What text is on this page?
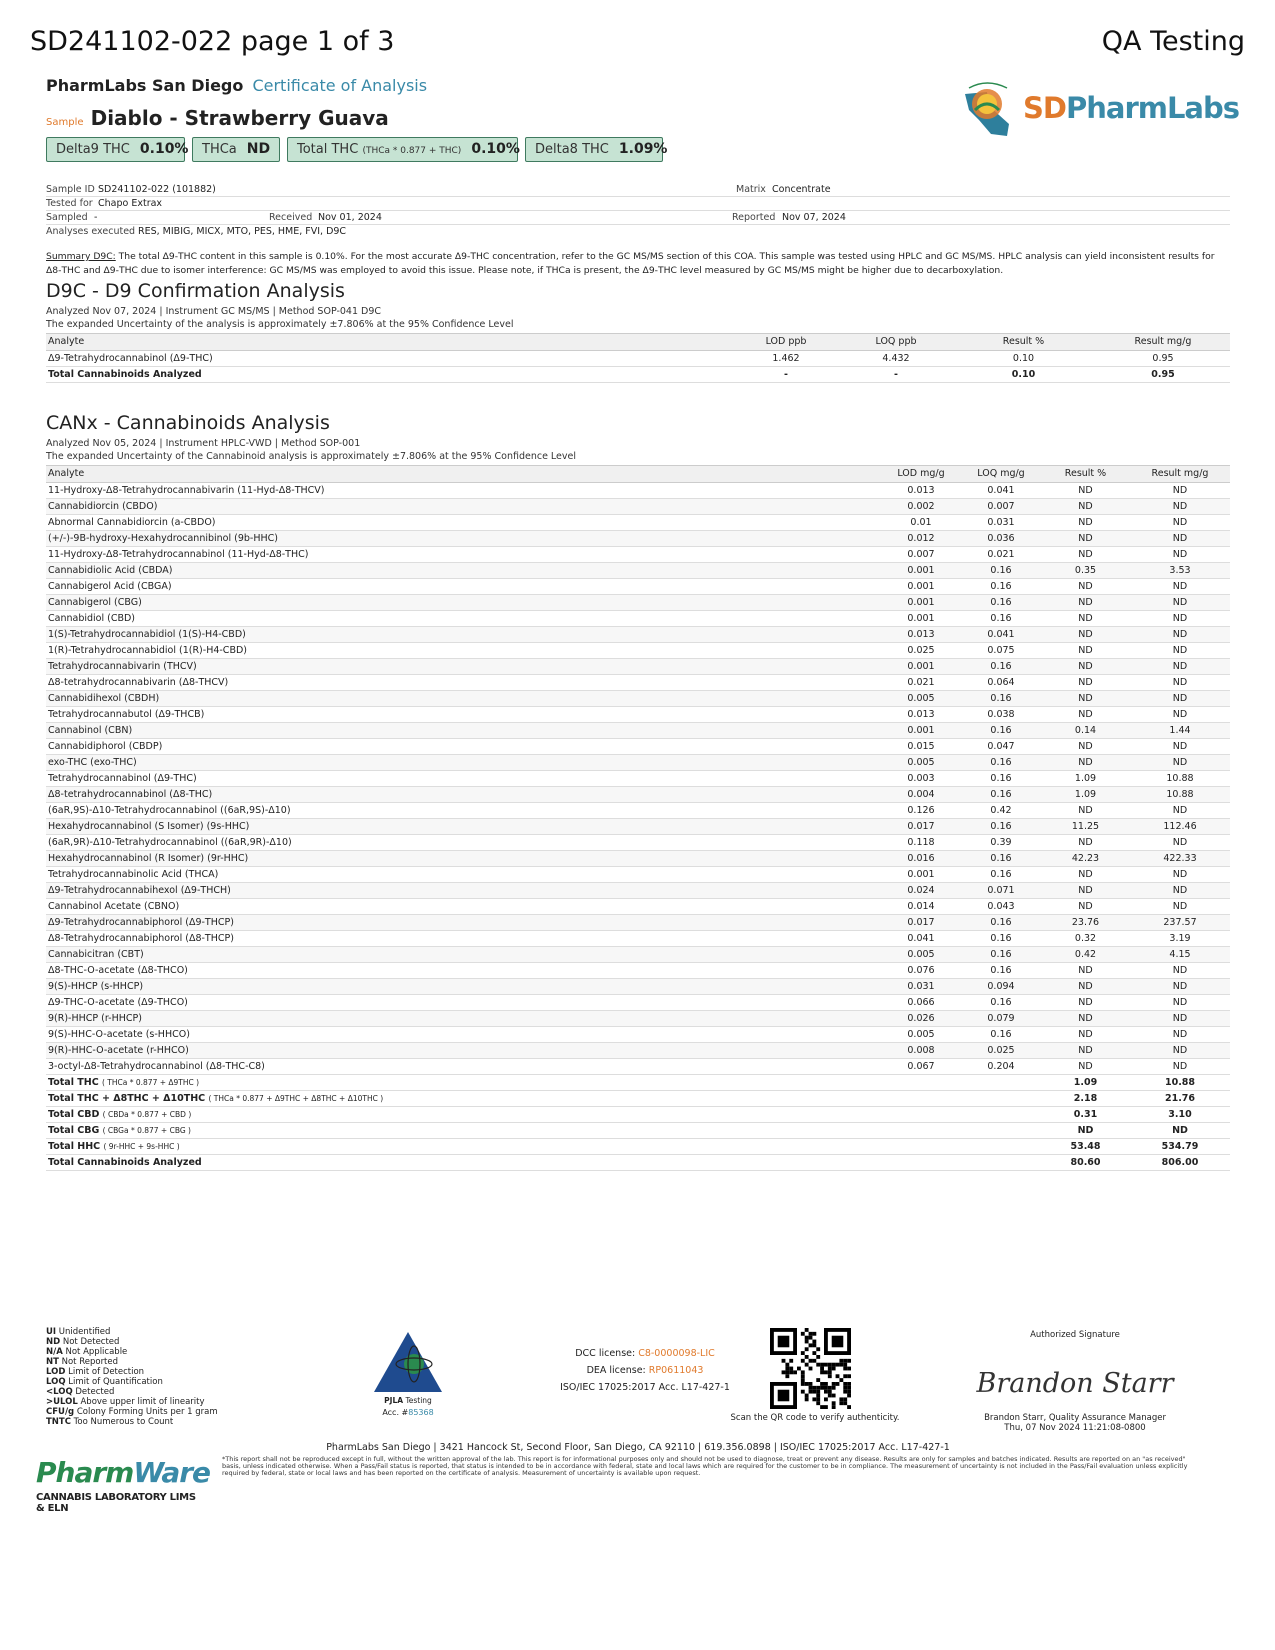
SD241102-022 page 1 of 3	QA Testing
PharmLabs San Diego Certificate of Analysis
Sample Diablo - Strawberry Guava
Delta9 THC 0.10%	THCa ND	Total THC (THCa * 0.877 + THC) 0.10%	Delta8 THC 1.09%
SDPharmLabs
Sample ID SD241102-022 (101882)	Matrix Concentrate
Tested for Chapo Extrax
Sampled -	Received Nov 01, 2024	Reported Nov 07, 2024
Analyses executed RES, MIBIG, MICX, MTO, PES, HME, FVI, D9C
Summary D9C: The total Δ9-THC content in this sample is 0.10%. For the most accurate Δ9-THC concentration, refer to the GC MS/MS section of this COA. This sample was tested using HPLC and GC MS/MS. HPLC analysis can yield inconsistent results for Δ8-THC and Δ9-THC due to isomer interference: GC MS/MS was employed to avoid this issue. Please note, if THCa is present, the Δ9-THC level measured by GC MS/MS might be higher due to decarboxylation.
D9C - D9 Confirmation Analysis
Analyzed Nov 07, 2024 | Instrument GC MS/MS | Method SOP-041 D9C
The expanded Uncertainty of the analysis is approximately ±7.806% at the 95% Confidence Level
Analyte	LOD ppb	LOQ ppb	Result %	Result mg/g
Δ9-Tetrahydrocannabinol (Δ9-THC)	1.462	4.432	0.10	0.95
Total Cannabinoids Analyzed	-	-	0.10	0.95
CANx - Cannabinoids Analysis
Analyzed Nov 05, 2024 | Instrument HPLC-VWD | Method SOP-001
The expanded Uncertainty of the Cannabinoid analysis is approximately ±7.806% at the 95% Confidence Level
Analyte	LOD mg/g	LOQ mg/g	Result %	Result mg/g
11-Hydroxy-Δ8-Tetrahydrocannabivarin (11-Hyd-Δ8-THCV)	0.013	0.041	ND	ND
Cannabidiorcin (CBDO)	0.002	0.007	ND	ND
Abnormal Cannabidiorcin (a-CBDO)	0.01	0.031	ND	ND
(+/-)-9B-hydroxy-Hexahydrocannibinol (9b-HHC)	0.012	0.036	ND	ND
11-Hydroxy-Δ8-Tetrahydrocannabinol (11-Hyd-Δ8-THC)	0.007	0.021	ND	ND
Cannabidiolic Acid (CBDA)	0.001	0.16	0.35	3.53
Cannabigerol Acid (CBGA)	0.001	0.16	ND	ND
Cannabigerol (CBG)	0.001	0.16	ND	ND
Cannabidiol (CBD)	0.001	0.16	ND	ND
1(S)-Tetrahydrocannabidiol (1(S)-H4-CBD)	0.013	0.041	ND	ND
1(R)-Tetrahydrocannabidiol (1(R)-H4-CBD)	0.025	0.075	ND	ND
Tetrahydrocannabivarin (THCV)	0.001	0.16	ND	ND
Δ8-tetrahydrocannabivarin (Δ8-THCV)	0.021	0.064	ND	ND
Cannabidihexol (CBDH)	0.005	0.16	ND	ND
Tetrahydrocannabutol (Δ9-THCB)	0.013	0.038	ND	ND
Cannabinol (CBN)	0.001	0.16	0.14	1.44
Cannabidiphorol (CBDP)	0.015	0.047	ND	ND
exo-THC (exo-THC)	0.005	0.16	ND	ND
Tetrahydrocannabinol (Δ9-THC)	0.003	0.16	1.09	10.88
Δ8-tetrahydrocannabinol (Δ8-THC)	0.004	0.16	1.09	10.88
(6aR,9S)-Δ10-Tetrahydrocannabinol ((6aR,9S)-Δ10)	0.126	0.42	ND	ND
Hexahydrocannabinol (S Isomer) (9s-HHC)	0.017	0.16	11.25	112.46
(6aR,9R)-Δ10-Tetrahydrocannabinol ((6aR,9R)-Δ10)	0.118	0.39	ND	ND
Hexahydrocannabinol (R Isomer) (9r-HHC)	0.016	0.16	42.23	422.33
Tetrahydrocannabinolic Acid (THCA)	0.001	0.16	ND	ND
Δ9-Tetrahydrocannabihexol (Δ9-THCH)	0.024	0.071	ND	ND
Cannabinol Acetate (CBNO)	0.014	0.043	ND	ND
Δ9-Tetrahydrocannabiphorol (Δ9-THCP)	0.017	0.16	23.76	237.57
Δ8-Tetrahydrocannabiphorol (Δ8-THCP)	0.041	0.16	0.32	3.19
Cannabicitran (CBT)	0.005	0.16	0.42	4.15
Δ8-THC-O-acetate (Δ8-THCO)	0.076	0.16	ND	ND
9(S)-HHCP (s-HHCP)	0.031	0.094	ND	ND
Δ9-THC-O-acetate (Δ9-THCO)	0.066	0.16	ND	ND
9(R)-HHCP (r-HHCP)	0.026	0.079	ND	ND
9(S)-HHC-O-acetate (s-HHCO)	0.005	0.16	ND	ND
9(R)-HHC-O-acetate (r-HHCO)	0.008	0.025	ND	ND
3-octyl-Δ8-Tetrahydrocannabinol (Δ8-THC-C8)	0.067	0.204	ND	ND
Total THC ( THCa * 0.877 + Δ9THC )			1.09	10.88
Total THC + Δ8THC + Δ10THC ( THCa * 0.877 + Δ9THC + Δ8THC + Δ10THC )			2.18	21.76
Total CBD ( CBDa * 0.877 + CBD )			0.31	3.10
Total CBG ( CBGa * 0.877 + CBG )			ND	ND
Total HHC ( 9r-HHC + 9s-HHC )			53.48	534.79
Total Cannabinoids Analyzed			80.60	806.00
UI Unidentified
ND Not Detected
N/A Not Applicable
NT Not Reported
LOD Limit of Detection
LOQ Limit of Quantification
<LOQ Detected
>ULOL Above upper limit of linearity
CFU/g Colony Forming Units per 1 gram
TNTC Too Numerous to Count
PJLA Testing
Acc. #85368
DCC license: C8-0000098-LIC
DEA license: RP0611043
ISO/IEC 17025:2017 Acc. L17-427-1
Scan the QR code to verify authenticity.
Authorized Signature
Brandon Starr
Brandon Starr, Quality Assurance Manager
Thu, 07 Nov 2024 11:21:08-0800
PharmLabs San Diego | 3421 Hancock St, Second Floor, San Diego, CA 92110 | 619.356.0898 | ISO/IEC 17025:2017 Acc. L17-427-1
*This report shall not be reproduced except in full, without the written approval of the lab. This report is for informational purposes only and should not be used to diagnose, treat or prevent any disease. Results are only for samples and batches indicated. Results are reported on an "as received" basis, unless indicated otherwise. When a Pass/Fail status is reported, that status is intended to be in accordance with federal, state and local laws which are required for the customer to be in compliance. The measurement of uncertainty is not included in the Pass/Fail evaluation unless explicitly required by federal, state or local laws and has been reported on the certificate of analysis. Measurement of uncertainty is available upon request.
PharmWare
CANNABIS LABORATORY LIMS & ELN
